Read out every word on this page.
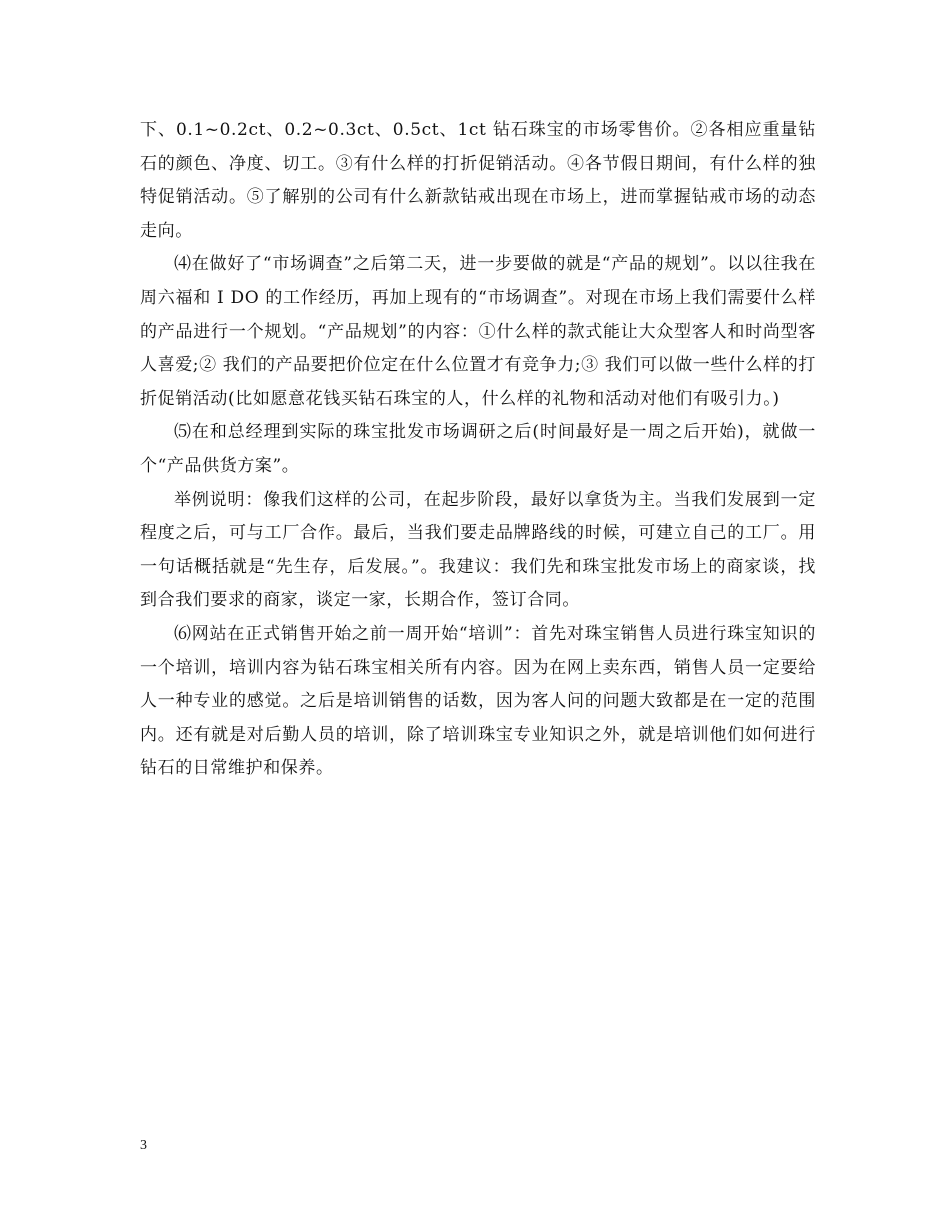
下、0.1~0.2ct、0.2~0.3ct、0.5ct、1ct 钻石珠宝的市场零售价。②各相应重量钻石的颜色、净度、切工。③有什么样的打折促销活动。④各节假日期间，有什么样的独特促销活动。⑤了解别的公司有什么新款钻戒出现在市场上，进而掌握钻戒市场的动态走向。

⑷在做好了“市场调查”之后第二天，进一步要做的就是“产品的规划”。以以往我在周六福和 I DO 的工作经历，再加上现有的“市场调查”。对现在市场上我们需要什么样的产品进行一个规划。“产品规划”的内容：①什么样的款式能让大众型客人和时尚型客人喜爱;② 我们的产品要把价位定在什么位置才有竞争力;③ 我们可以做一些什么样的打折促销活动(比如愿意花钱买钻石珠宝的人，什么样的礼物和活动对他们有吸引力。)

⑸在和总经理到实际的珠宝批发市场调研之后(时间最好是一周之后开始)，就做一个“产品供货方案”。

举例说明：像我们这样的公司，在起步阶段，最好以拿货为主。当我们发展到一定程度之后，可与工厂合作。最后，当我们要走品牌路线的时候，可建立自己的工厂。用一句话概括就是“先生存，后发展。”。我建议：我们先和珠宝批发市场上的商家谈，找到合我们要求的商家，谈定一家，长期合作，签订合同。

⑹网站在正式销售开始之前一周开始“培训”：首先对珠宝销售人员进行珠宝知识的一个培训，培训内容为钻石珠宝相关所有内容。因为在网上卖东西，销售人员一定要给人一种专业的感觉。之后是培训销售的话数，因为客人问的问题大致都是在一定的范围内。还有就是对后勤人员的培训，除了培训珠宝专业知识之外，就是培训他们如何进行钻石的日常维护和保养。

3
